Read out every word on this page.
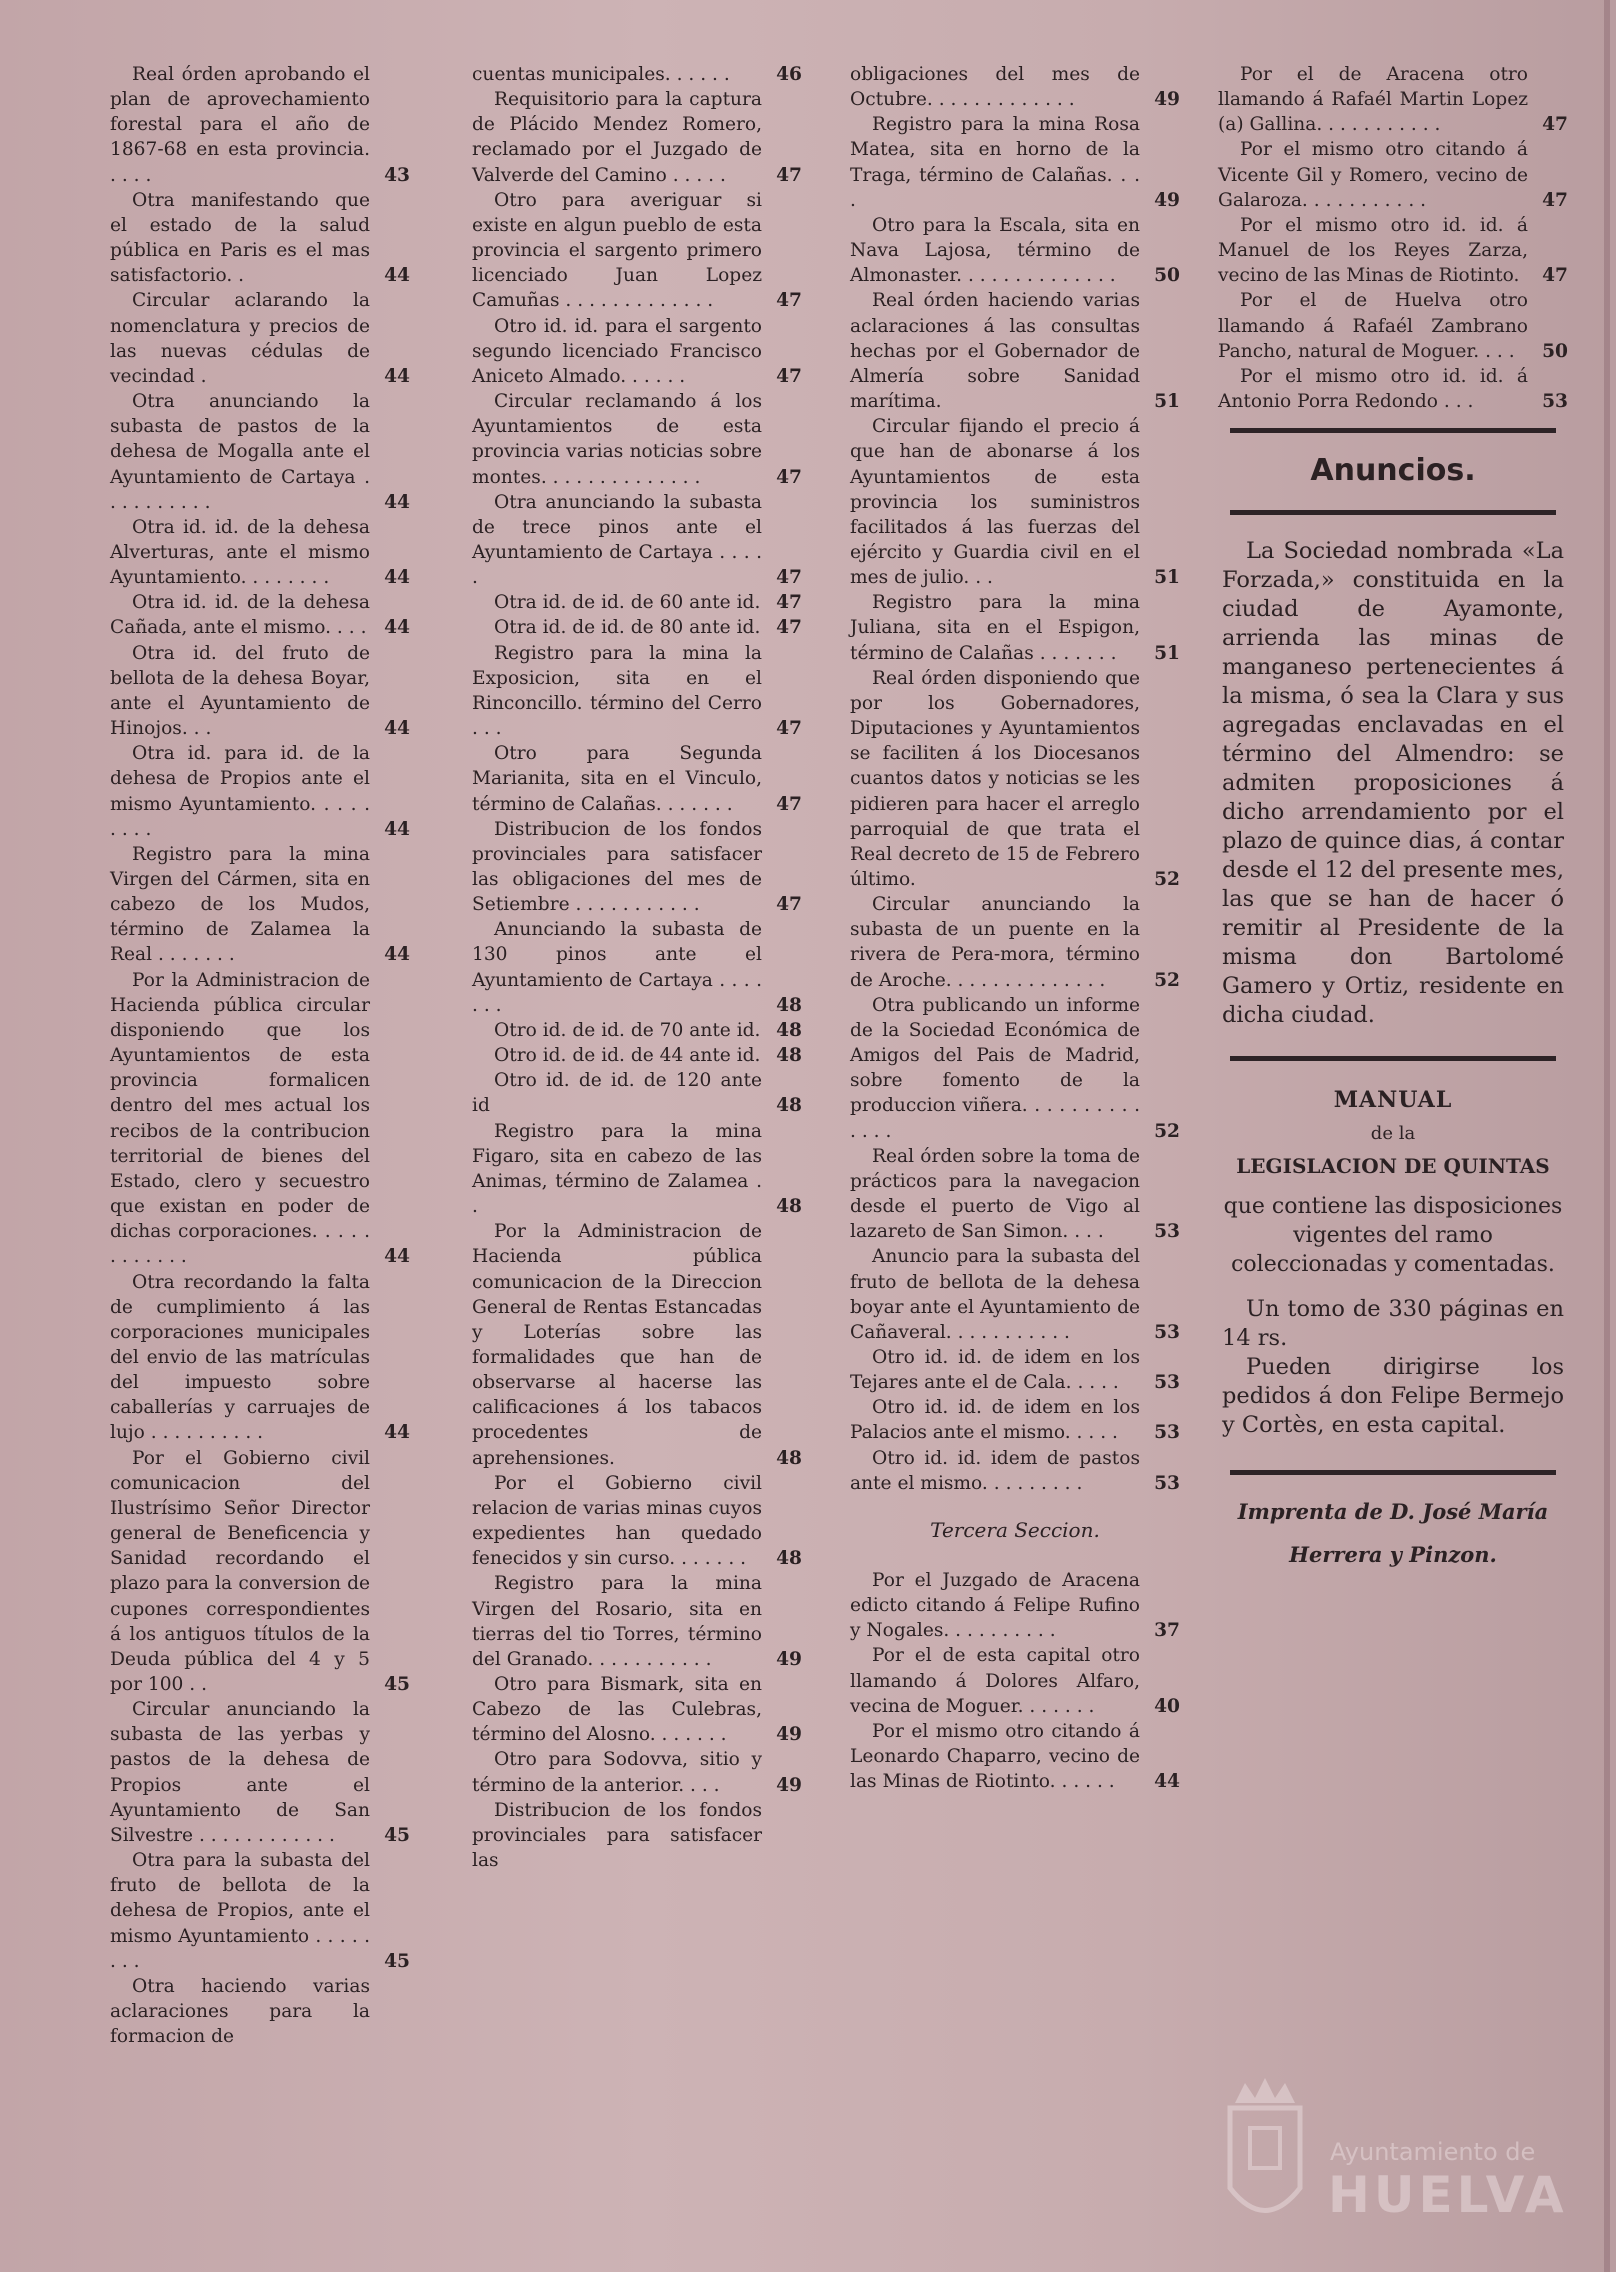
Real órden aprobando el plan de aprovechamiento forestal para el año de 1867-68 en esta provincia. . . . .	43
Otra manifestando que el estado de la salud pública en Paris es el mas satisfactorio. .	44
Circular aclarando la nomenclatura y precios de las nuevas cédulas de vecindad .	44
Otra anunciando la subasta de pastos de la dehesa de Mogalla ante el Ayuntamiento de Cartaya . . . . . . . . . .	44
Otra id. id. de la dehesa Alverturas, ante el mismo Ayuntamiento. . . . . . . .	44
Otra id. id. de la dehesa Cañada, ante el mismo. . . . 44
Otra id. del fruto de bellota de la dehesa Boyar, ante el Ayuntamiento de Hinojos. . .	44
Otra id. para id. de la dehesa de Propios ante el mismo Ayuntamiento. . . . . . . . .	44
Registro para la mina Virgen del Cármen, sita en cabezo de los Mudos, término de Zalamea la Real . . . . . . .	44
Por la Administracion de Hacienda pública circular disponiendo que los Ayuntamientos de esta provincia formalicen dentro del mes actual los recibos de la contribucion territorial de bienes del Estado, clero y secuestro que existan en poder de dichas corporaciones. . . . . . . . . . . .	44
Otra recordando la falta de cumplimiento á las corporaciones municipales del envio de las matrículas del impuesto sobre caballerías y carruajes de lujo . . . . . . . . . .	44
Por el Gobierno civil comunicacion del Ilustrísimo Señor Director general de Beneficencia y Sanidad recordando el plazo para la conversion de cupones correspondientes á los antiguos títulos de la Deuda pública del 4 y 5 por 100 . .	45
Circular anunciando la subasta de las yerbas y pastos de la dehesa de Propios ante el Ayuntamiento de San Silvestre . . . . . . . . . . . .	45
Otra para la subasta del fruto de bellota de la dehesa de Propios, ante el mismo Ayuntamiento . . . . . . . .	45
Otra haciendo varias aclaraciones para la formacion de
cuentas municipales. . . . . .	46
Requisitorio para la captura de Plácido Mendez Romero, reclamado por el Juzgado de Valverde del Camino . . . . .	47
Otro para averiguar si existe en algun pueblo de esta provincia el sargento primero licenciado Juan Lopez Camuñas . . . . . . . . . . . . .	47
Otro id. id. para el sargento segundo licenciado Francisco Aniceto Almado. . . . . .	47
Circular reclamando á los Ayuntamientos de esta provincia varias noticias sobre montes. . . . . . . . . . . . . .	47
Otra anunciando la subasta de trece pinos ante el Ayuntamiento de Cartaya . . . . .	47
Otra id. de id. de 60 ante id. 47
Otra id. de id. de 80 ante id. 47
Registro para la mina la Exposicion, sita en el Rinconcillo. término del Cerro . . .	47
Otro para Segunda Marianita, sita en el Vinculo, término de Calañas. . . . . . .	47
Distribucion de los fondos provinciales para satisfacer las obligaciones del mes de Setiembre . . . . . . . . . . .	47
Anunciando la subasta de 130 pinos ante el Ayuntamiento de Cartaya . . . . . . .	48
Otro id. de id. de 70 ante id. 48
Otro id. de id. de 44 ante id. 48
Otro id. de id. de 120 ante id	48
Registro para la mina Figaro, sita en cabezo de las Animas, término de Zalamea . .	48
Por la Administracion de Hacienda pública comunicacion de la Direccion General de Rentas Estancadas y Loterías sobre las formalidades que han de observarse al hacerse las calificaciones á los tabacos procedentes de aprehensiones.	48
Por el Gobierno civil relacion de varias minas cuyos expedientes han quedado fenecidos y sin curso. . . . . . .	48
Registro para la mina Virgen del Rosario, sita en tierras del tio Torres, término del Granado. . . . . . . . . . .	49
Otro para Bismark, sita en Cabezo de las Culebras, término del Alosno. . . . . . .	49
Otro para Sodovva, sitio y término de la anterior. . . .	49
Distribucion de los fondos provinciales para satisfacer las
obligaciones del mes de Octubre. . . . . . . . . . . . .	49
Registro para la mina Rosa Matea, sita en horno de la Traga, término de Calañas. . . .	49
Otro para la Escala, sita en Nava Lajosa, término de Almonaster. . . . . . . . . . . . . .	50
Real órden haciendo varias aclaraciones á las consultas hechas por el Gobernador de Almería sobre Sanidad marítima.	51
Circular fijando el precio á que han de abonarse á los Ayuntamientos de esta provincia los suministros facilitados á las fuerzas del ejército y Guardia civil en el mes de julio. . .	51
Registro para la mina Juliana, sita en el Espigon, término de Calañas . . . . . . .	51
Real órden disponiendo que por los Gobernadores, Diputaciones y Ayuntamientos se faciliten á los Diocesanos cuantos datos y noticias se les pidieren para hacer el arreglo parroquial de que trata el Real decreto de 15 de Febrero último.	52
Circular anunciando la subasta de un puente en la rivera de Pera-mora, término de Aroche. . . . . . . . . . . . . .	52
Otra publicando un informe de la Sociedad Económica de Amigos del Pais de Madrid, sobre fomento de la produccion viñera. . . . . . . . . . . . . .	52
Real órden sobre la toma de prácticos para la navegacion desde el puerto de Vigo al lazareto de San Simon. . . .	53
Anuncio para la subasta del fruto de bellota de la dehesa boyar ante el Ayuntamiento de Cañaveral. . . . . . . . . . .	53
Otro id. id. de idem en los Tejares ante el de Cala. . . . .	53
Otro id. id. de idem en los Palacios ante el mismo. . . . .	53
Otro id. id. idem de pastos ante el mismo. . . . . . . . .	53
Tercera Seccion.
Por el Juzgado de Aracena edicto citando á Felipe Rufino y Nogales. . . . . . . . . .	37
Por el de esta capital otro llamando á Dolores Alfaro, vecina de Moguer. . . . . . .	40
Por el mismo otro citando á Leonardo Chaparro, vecino de las Minas de Riotinto. . . . . .	44
Por el de Aracena otro llamando á Rafaél Martin Lopez (a) Gallina. . . . . . . . . . .	47
Por el mismo otro citando á Vicente Gil y Romero, vecino de Galaroza. . . . . . . . . . .	47
Por el mismo otro id. id. á Manuel de los Reyes Zarza, vecino de las Minas de Riotinto.	47
Por el de Huelva otro llamando á Rafaél Zambrano Pancho, natural de Moguer. . . .	50
Por el mismo otro id. id. á Antonio Porra Redondo . . .	53
Anuncios.
La Sociedad nombrada «La Forzada,» constituida en la ciudad de Ayamonte, arrienda las minas de manganeso pertenecientes á la misma, ó sea la Clara y sus agregadas enclavadas en el término del Almendro: se admiten proposiciones á dicho arrendamiento por el plazo de quince dias, á contar desde el 12 del presente mes, las que se han de hacer ó remitir al Presidente de la misma don Bartolomé Gamero y Ortiz, residente en dicha ciudad.
MANUAL
de la
LEGISLACION DE QUINTAS
que contiene las disposiciones vigentes del ramo coleccionadas y comentadas.
Un tomo de 330 páginas en 14 rs.
Pueden dirigirse los pedidos á don Felipe Bermejo y Cortès, en esta capital.
Imprenta de D. José María
Herrera y Pinzon.
Ayuntamiento de
HUELVA
